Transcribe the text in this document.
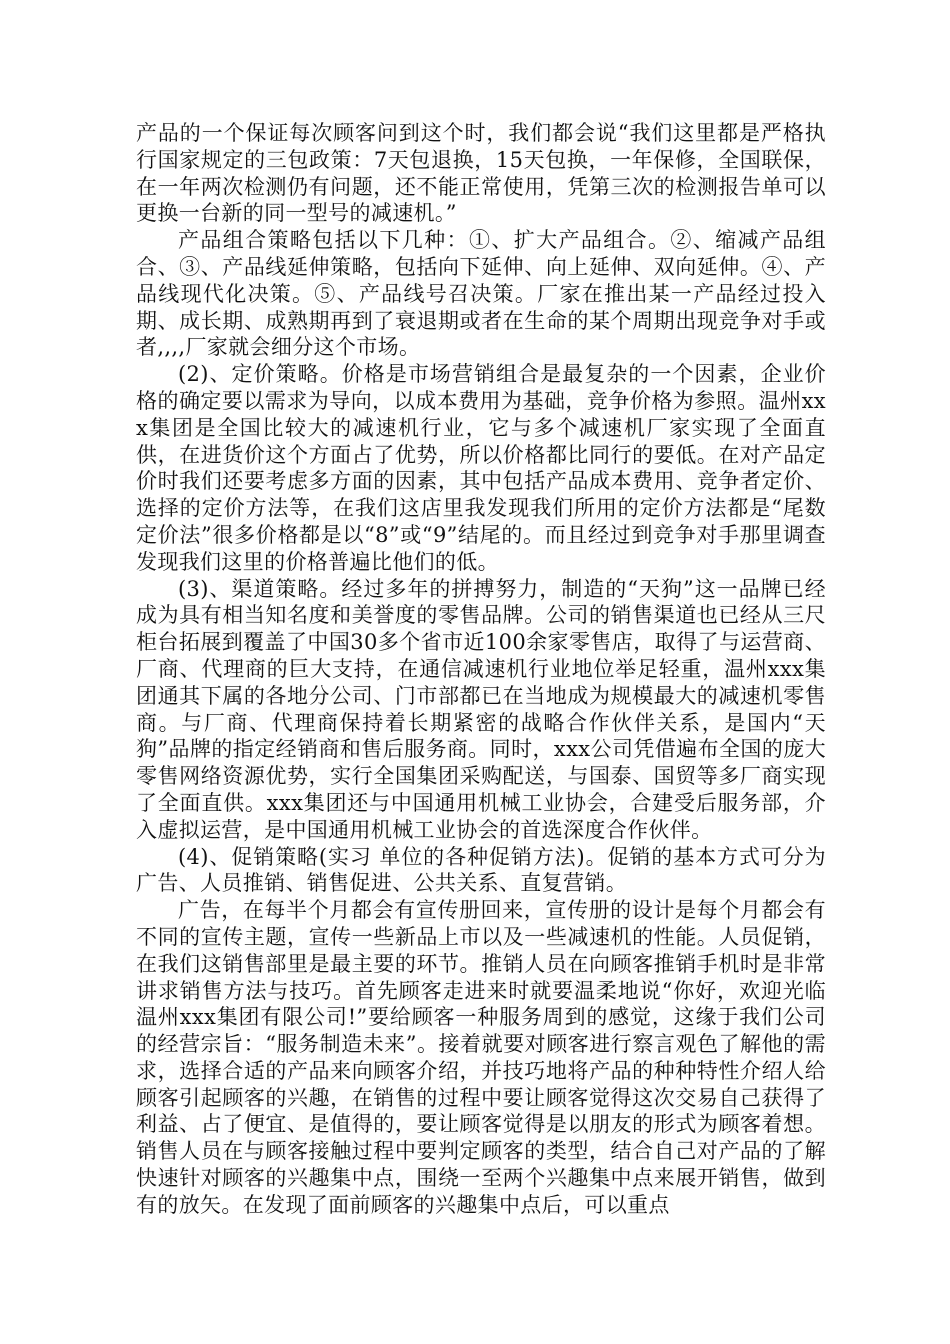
产品的一个保证每次顾客问到这个时，我们都会说“我们这里都是严格执行国家规定的三包政策：7天包退换，15天包换，一年保修，全国联保，在一年两次检测仍有问题，还不能正常使用，凭第三次的检测报告单可以更换一台新的同一型号的减速机。”

产品组合策略包括以下几种：①、扩大产品组合。②、缩减产品组合、③、产品线延伸策略，包括向下延伸、向上延伸、双向延伸。④、产品线现代化决策。⑤、产品线号召决策。厂家在推出某一产品经过投入期、成长期、成熟期再到了衰退期或者在生命的某个周期出现竞争对手或者,,,,厂家就会细分这个市场。

(2)、定价策略。价格是市场营销组合是最复杂的一个因素，企业价格的确定要以需求为导向，以成本费用为基础，竞争价格为参照。温州xxx集团是全国比较大的减速机行业，它与多个减速机厂家实现了全面直供，在进货价这个方面占了优势，所以价格都比同行的要低。在对产品定价时我们还要考虑多方面的因素，其中包括产品成本费用、竞争者定价、选择的定价方法等，在我们这店里我发现我们所用的定价方法都是“尾数定价法”很多价格都是以“8”或“9”结尾的。而且经过到竞争对手那里调查发现我们这里的价格普遍比他们的低。

(3)、渠道策略。经过多年的拼搏努力，制造的“天狗”这一品牌已经成为具有相当知名度和美誉度的零售品牌。公司的销售渠道也已经从三尺柜台拓展到覆盖了中国30多个省市近100余家零售店，取得了与运营商、厂商、代理商的巨大支持，在通信减速机行业地位举足轻重，温州xxx集团通其下属的各地分公司、门市部都已在当地成为规模最大的减速机零售商。与厂商、代理商保持着长期紧密的战略合作伙伴关系，是国内“天狗”品牌的指定经销商和售后服务商。同时，xxx公司凭借遍布全国的庞大零售网络资源优势，实行全国集团采购配送，与国泰、国贸等多厂商实现了全面直供。xxx集团还与中国通用机械工业协会，合建受后服务部，介入虚拟运营，是中国通用机械工业协会的首选深度合作伙伴。

(4)、促销策略(实习 单位的各种促销方法)。促销的基本方式可分为广告、人员推销、销售促进、公共关系、直复营销。

广告，在每半个月都会有宣传册回来，宣传册的设计是每个月都会有不同的宣传主题，宣传一些新品上市以及一些减速机的性能。人员促销，在我们这销售部里是最主要的环节。推销人员在向顾客推销手机时是非常讲求销售方法与技巧。首先顾客走进来时就要温柔地说“你好，欢迎光临温州xxx集团有限公司!”要给顾客一种服务周到的感觉，这缘于我们公司的经营宗旨：“服务制造未来”。接着就要对顾客进行察言观色了解他的需求，选择合适的产品来向顾客介绍，并技巧地将产品的种种特性介绍人给顾客引起顾客的兴趣，在销售的过程中要让顾客觉得这次交易自己获得了利益、占了便宜、是值得的，要让顾客觉得是以朋友的形式为顾客着想。销售人员在与顾客接触过程中要判定顾客的类型，结合自己对产品的了解快速针对顾客的兴趣集中点，围绕一至两个兴趣集中点来展开销售，做到有的放矢。在发现了面前顾客的兴趣集中点后，可以重点
